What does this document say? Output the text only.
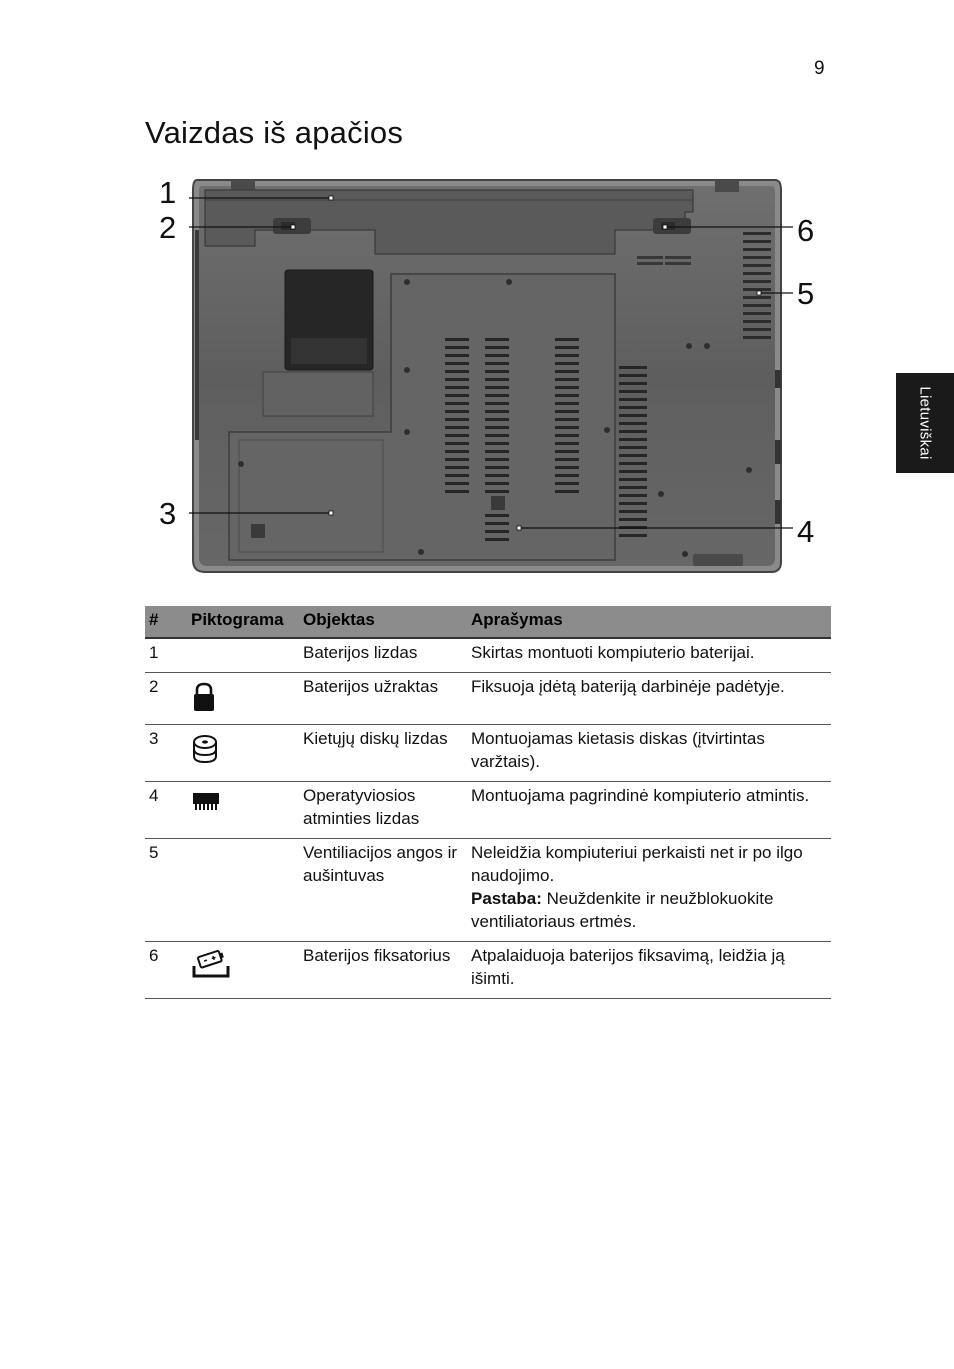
9
Vaizdas iš apačios
Lietuviškai
1
2
3
4
5
6
#	Piktograma	Objektas	Aprašymas
1		Baterijos lizdas	Skirtas montuoti kompiuterio baterijai.
2		Baterijos užraktas	Fiksuoja įdėtą bateriją darbinėje padėtyje.
3		Kietųjų diskų lizdas	Montuojamas kietasis diskas (įtvirtintas varžtais).
4		Operatyviosios atminties lizdas	Montuojama pagrindinė kompiuterio atmintis.
5		Ventiliacijos angos ir aušintuvas	Neleidžia kompiuteriui perkaisti net ir po ilgo naudojimo.
Pastaba: Neuždenkite ir neužblokuokite ventiliatoriaus ertmės.
6		Baterijos fiksatorius	Atpalaiduoja baterijos fiksavimą, leidžia ją išimti.
